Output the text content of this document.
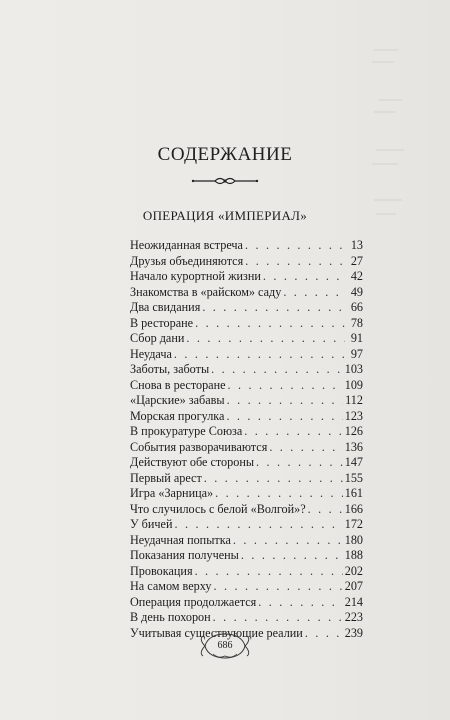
СОДЕРЖАНИЕ
ОПЕРАЦИЯ «ИМПЕРИАЛ»
Неожиданная встреча . . .	13
Друзья объединяются . . .	27
Начало курортной жизни . . .	42
Знакомства в «райском» саду . . .	49
Два свидания . . .	66
В ресторане . . .	78
Сбор дани . . .	91
Неудача . . .	97
Заботы, заботы . . .	103
Снова в ресторане . . .	109
«Царские» забавы . . .	112
Морская прогулка . . .	123
В прокуратуре Союза . . .	126
События разворачиваются . . .	136
Действуют обе стороны . . .	147
Первый арест . . .	155
Игра «Зарница» . . .	161
Что случилось с белой «Волгой»? . . .	166
У бичей . . .	172
Неудачная попытка . . .	180
Показания получены . . .	188
Провокация . . .	202
На самом верху . . .	207
Операция продолжается . . .	214
В день похорон . . .	223
Учитывая существующие реалии . . .	239
686
